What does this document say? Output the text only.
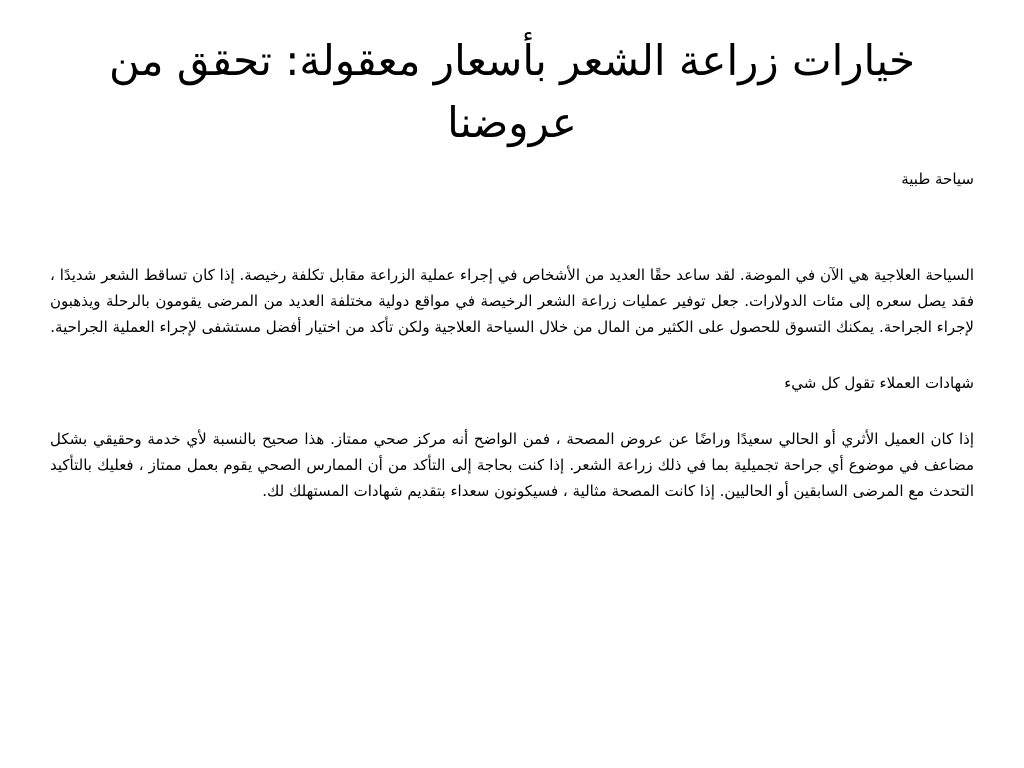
خيارات زراعة الشعر بأسعار معقولة: تحقق من عروضنا

سياحة طبية

السياحة العلاجية هي الآن في الموضة. لقد ساعد حقًا العديد من الأشخاص في إجراء عملية الزراعة مقابل تكلفة رخيصة. إذا كان تساقط الشعر شديدًا ، فقد يصل سعره إلى مئات الدولارات. جعل توفير عمليات زراعة الشعر الرخيصة في مواقع دولية مختلفة العديد من المرضى يقومون بالرحلة ويذهبون لإجراء الجراحة. يمكنك التسوق للحصول على الكثير من المال من خلال السياحة العلاجية ولكن تأكد من اختيار أفضل مستشفى لإجراء العملية الجراحية.

شهادات العملاء تقول كل شيء

إذا كان العميل الأثري أو الحالي سعيدًا وراضًا عن عروض المصحة ، فمن الواضح أنه مركز صحي ممتاز. هذا صحيح بالنسبة لأي خدمة وحقيقي بشكل مضاعف في موضوع أي جراحة تجميلية بما في ذلك زراعة الشعر. إذا كنت بحاجة إلى التأكد من أن الممارس الصحي يقوم بعمل ممتاز ، فعليك بالتأكيد التحدث مع المرضى السابقين أو الحاليين. إذا كانت المصحة مثالية ، فسيكونون سعداء بتقديم شهادات المستهلك لك.
